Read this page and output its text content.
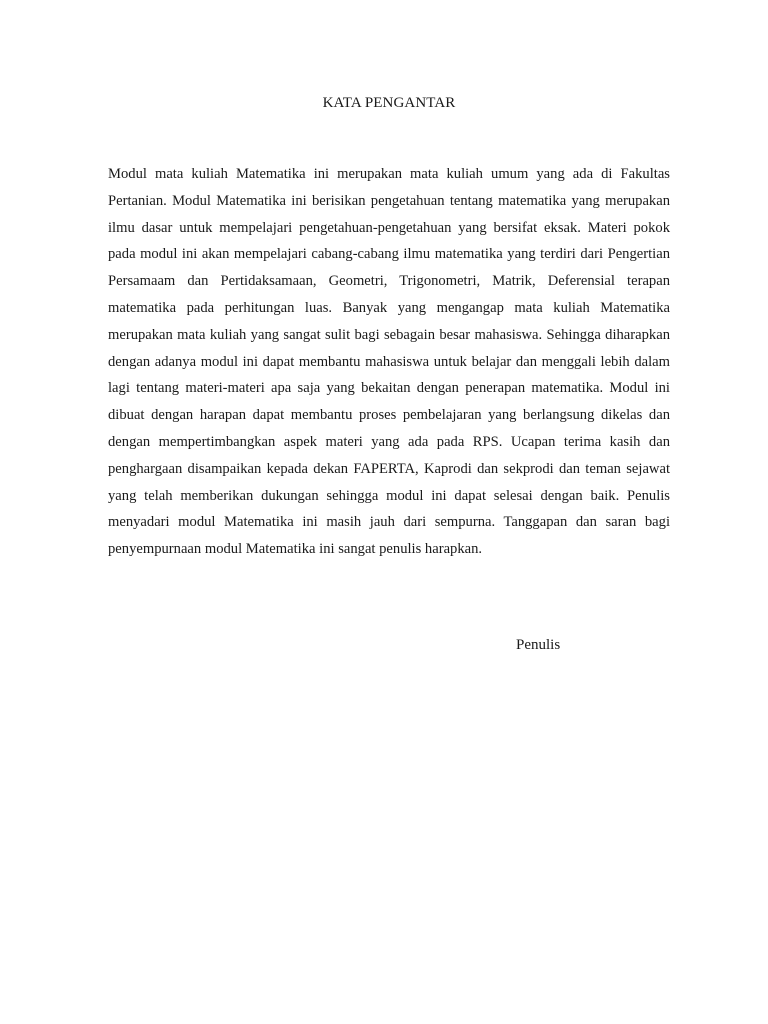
KATA PENGANTAR

Modul mata kuliah Matematika ini merupakan mata kuliah umum yang ada di Fakultas Pertanian. Modul Matematika ini berisikan pengetahuan tentang matematika yang merupakan ilmu dasar untuk mempelajari pengetahuan-pengetahuan yang bersifat eksak. Materi pokok pada modul ini akan mempelajari cabang-cabang ilmu matematika yang terdiri dari Pengertian Persamaam dan Pertidaksamaan, Geometri, Trigonometri, Matrik, Deferensial terapan matematika pada perhitungan luas. Banyak yang mengangap mata kuliah Matematika merupakan mata kuliah yang sangat sulit bagi sebagain besar mahasiswa. Sehingga diharapkan dengan adanya modul ini dapat membantu mahasiswa untuk belajar dan menggali lebih dalam lagi tentang materi-materi apa saja yang bekaitan dengan penerapan matematika. Modul ini dibuat dengan harapan dapat membantu proses pembelajaran yang berlangsung dikelas dan dengan mempertimbangkan aspek materi yang ada pada RPS. Ucapan terima kasih dan penghargaan disampaikan kepada dekan FAPERTA, Kaprodi dan sekprodi dan teman sejawat yang telah memberikan dukungan sehingga modul ini dapat selesai dengan baik. Penulis menyadari modul Matematika ini masih jauh dari sempurna. Tanggapan dan saran bagi penyempurnaan modul Matematika ini sangat penulis harapkan.

Penulis
